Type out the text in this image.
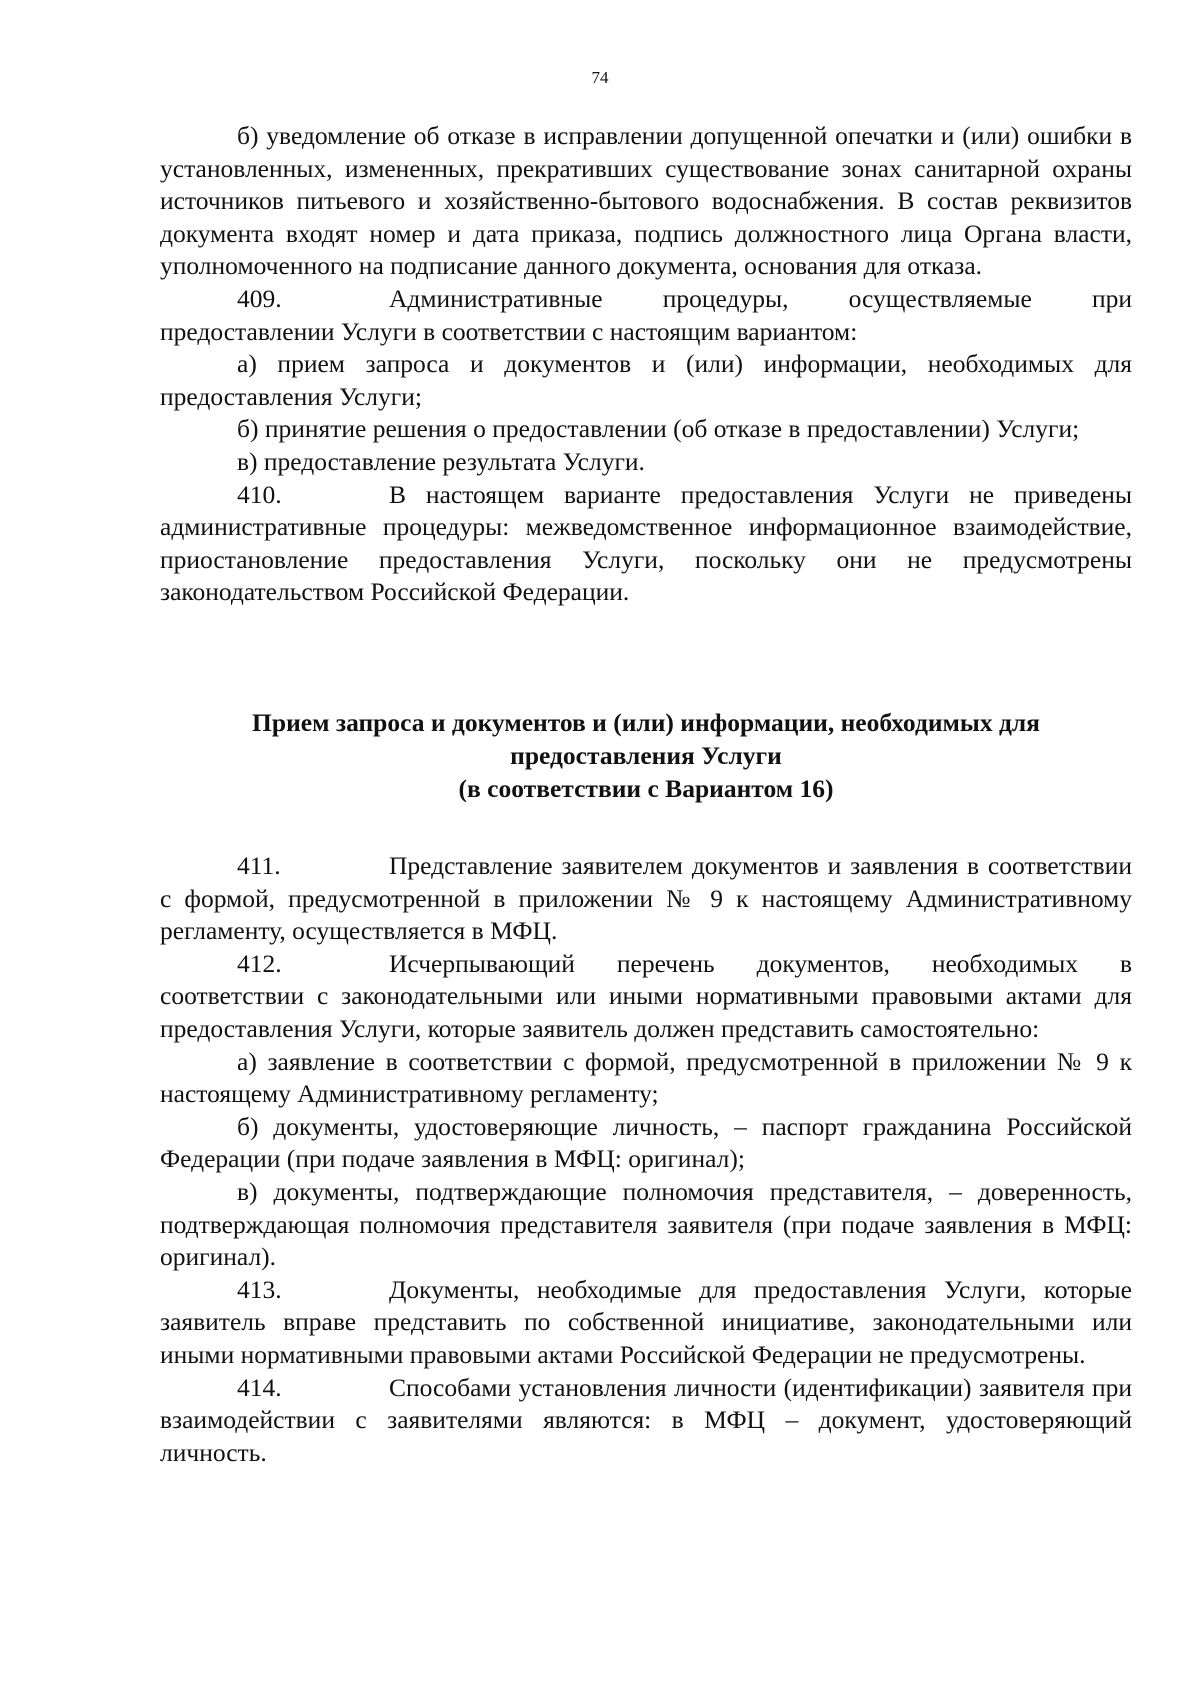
74

б) уведомление об отказе в исправлении допущенной опечатки и (или) ошибки в установленных, измененных, прекративших существование зонах санитарной охраны источников питьевого и хозяйственно-бытового водоснабжения. В состав реквизитов документа входят номер и дата приказа, подпись должностного лица Органа власти, уполномоченного на подписание данного документа, основания для отказа.

409.	Административные процедуры, осуществляемые при предоставлении Услуги в соответствии с настоящим вариантом:

а) прием запроса и документов и (или) информации, необходимых для предоставления Услуги;

б) принятие решения о предоставлении (об отказе в предоставлении) Услуги;

в) предоставление результата Услуги.

410.	В настоящем варианте предоставления Услуги не приведены административные процедуры: межведомственное информационное взаимодействие, приостановление предоставления Услуги, поскольку они не предусмотрены законодательством Российской Федерации.

Прием запроса и документов и (или) информации, необходимых для
предоставления Услуги
(в соответствии с Вариантом 16)

411.	Представление заявителем документов и заявления в соответствии с формой, предусмотренной в приложении № 9 к настоящему Административному регламенту, осуществляется в МФЦ.

412.	Исчерпывающий перечень документов, необходимых в соответствии с законодательными или иными нормативными правовыми актами для предоставления Услуги, которые заявитель должен представить самостоятельно:

а) заявление в соответствии с формой, предусмотренной в приложении № 9 к настоящему Административному регламенту;

б) документы, удостоверяющие личность, – паспорт гражданина Российской Федерации (при подаче заявления в МФЦ: оригинал);

в) документы, подтверждающие полномочия представителя, – доверенность, подтверждающая полномочия представителя заявителя (при подаче заявления в МФЦ: оригинал).

413.	Документы, необходимые для предоставления Услуги, которые заявитель вправе представить по собственной инициативе, законодательными или иными нормативными правовыми актами Российской Федерации не предусмотрены.

414.	Способами установления личности (идентификации) заявителя при взаимодействии с заявителями являются: в МФЦ – документ, удостоверяющий личность.
